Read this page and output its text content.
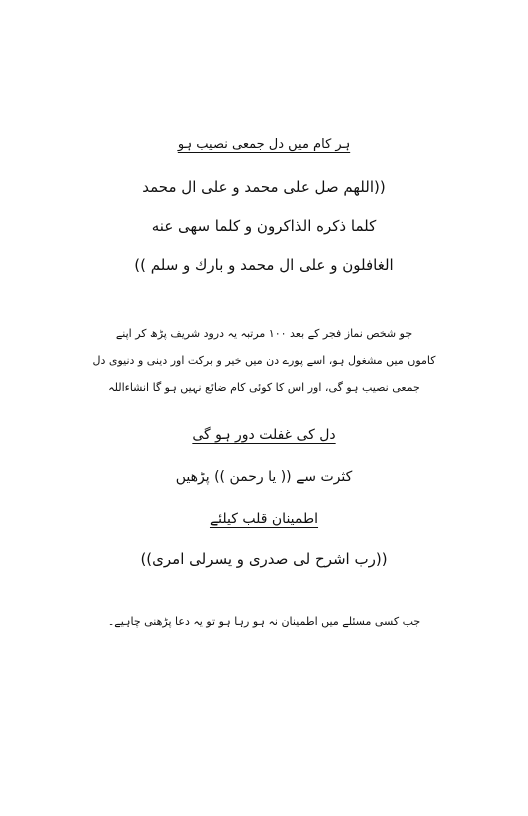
ہر کام میں دل جمعی نصیب ہو
((اللهم صل على محمد و على ال محمد
كلما ذكره الذاكرون و كلما سهى عنه
الغافلون و على ال محمد و بارك و سلم ))
جو شخص نماز فجر کے بعد ۱۰۰ مرتبہ یہ درود شریف پڑھ کر اپنے
کاموں میں مشغول ہو، اسے پورے دن میں خیر و برکت اور دینی و دنیوی دل
جمعی نصیب ہو گی، اور اس کا کوئی کام ضائع نہیں ہو گا انشاءاللہ
دل کی غفلت دور ہو گی
کثرت سے (( یا رحمن )) پڑھیں
اطمینان قلب کیلئے
((رب اشرح لی صدری و یسرلی امری))
جب کسی مسئلے میں اطمینان نہ ہو رہا ہو تو یہ دعا پڑھنی چاہیے۔
